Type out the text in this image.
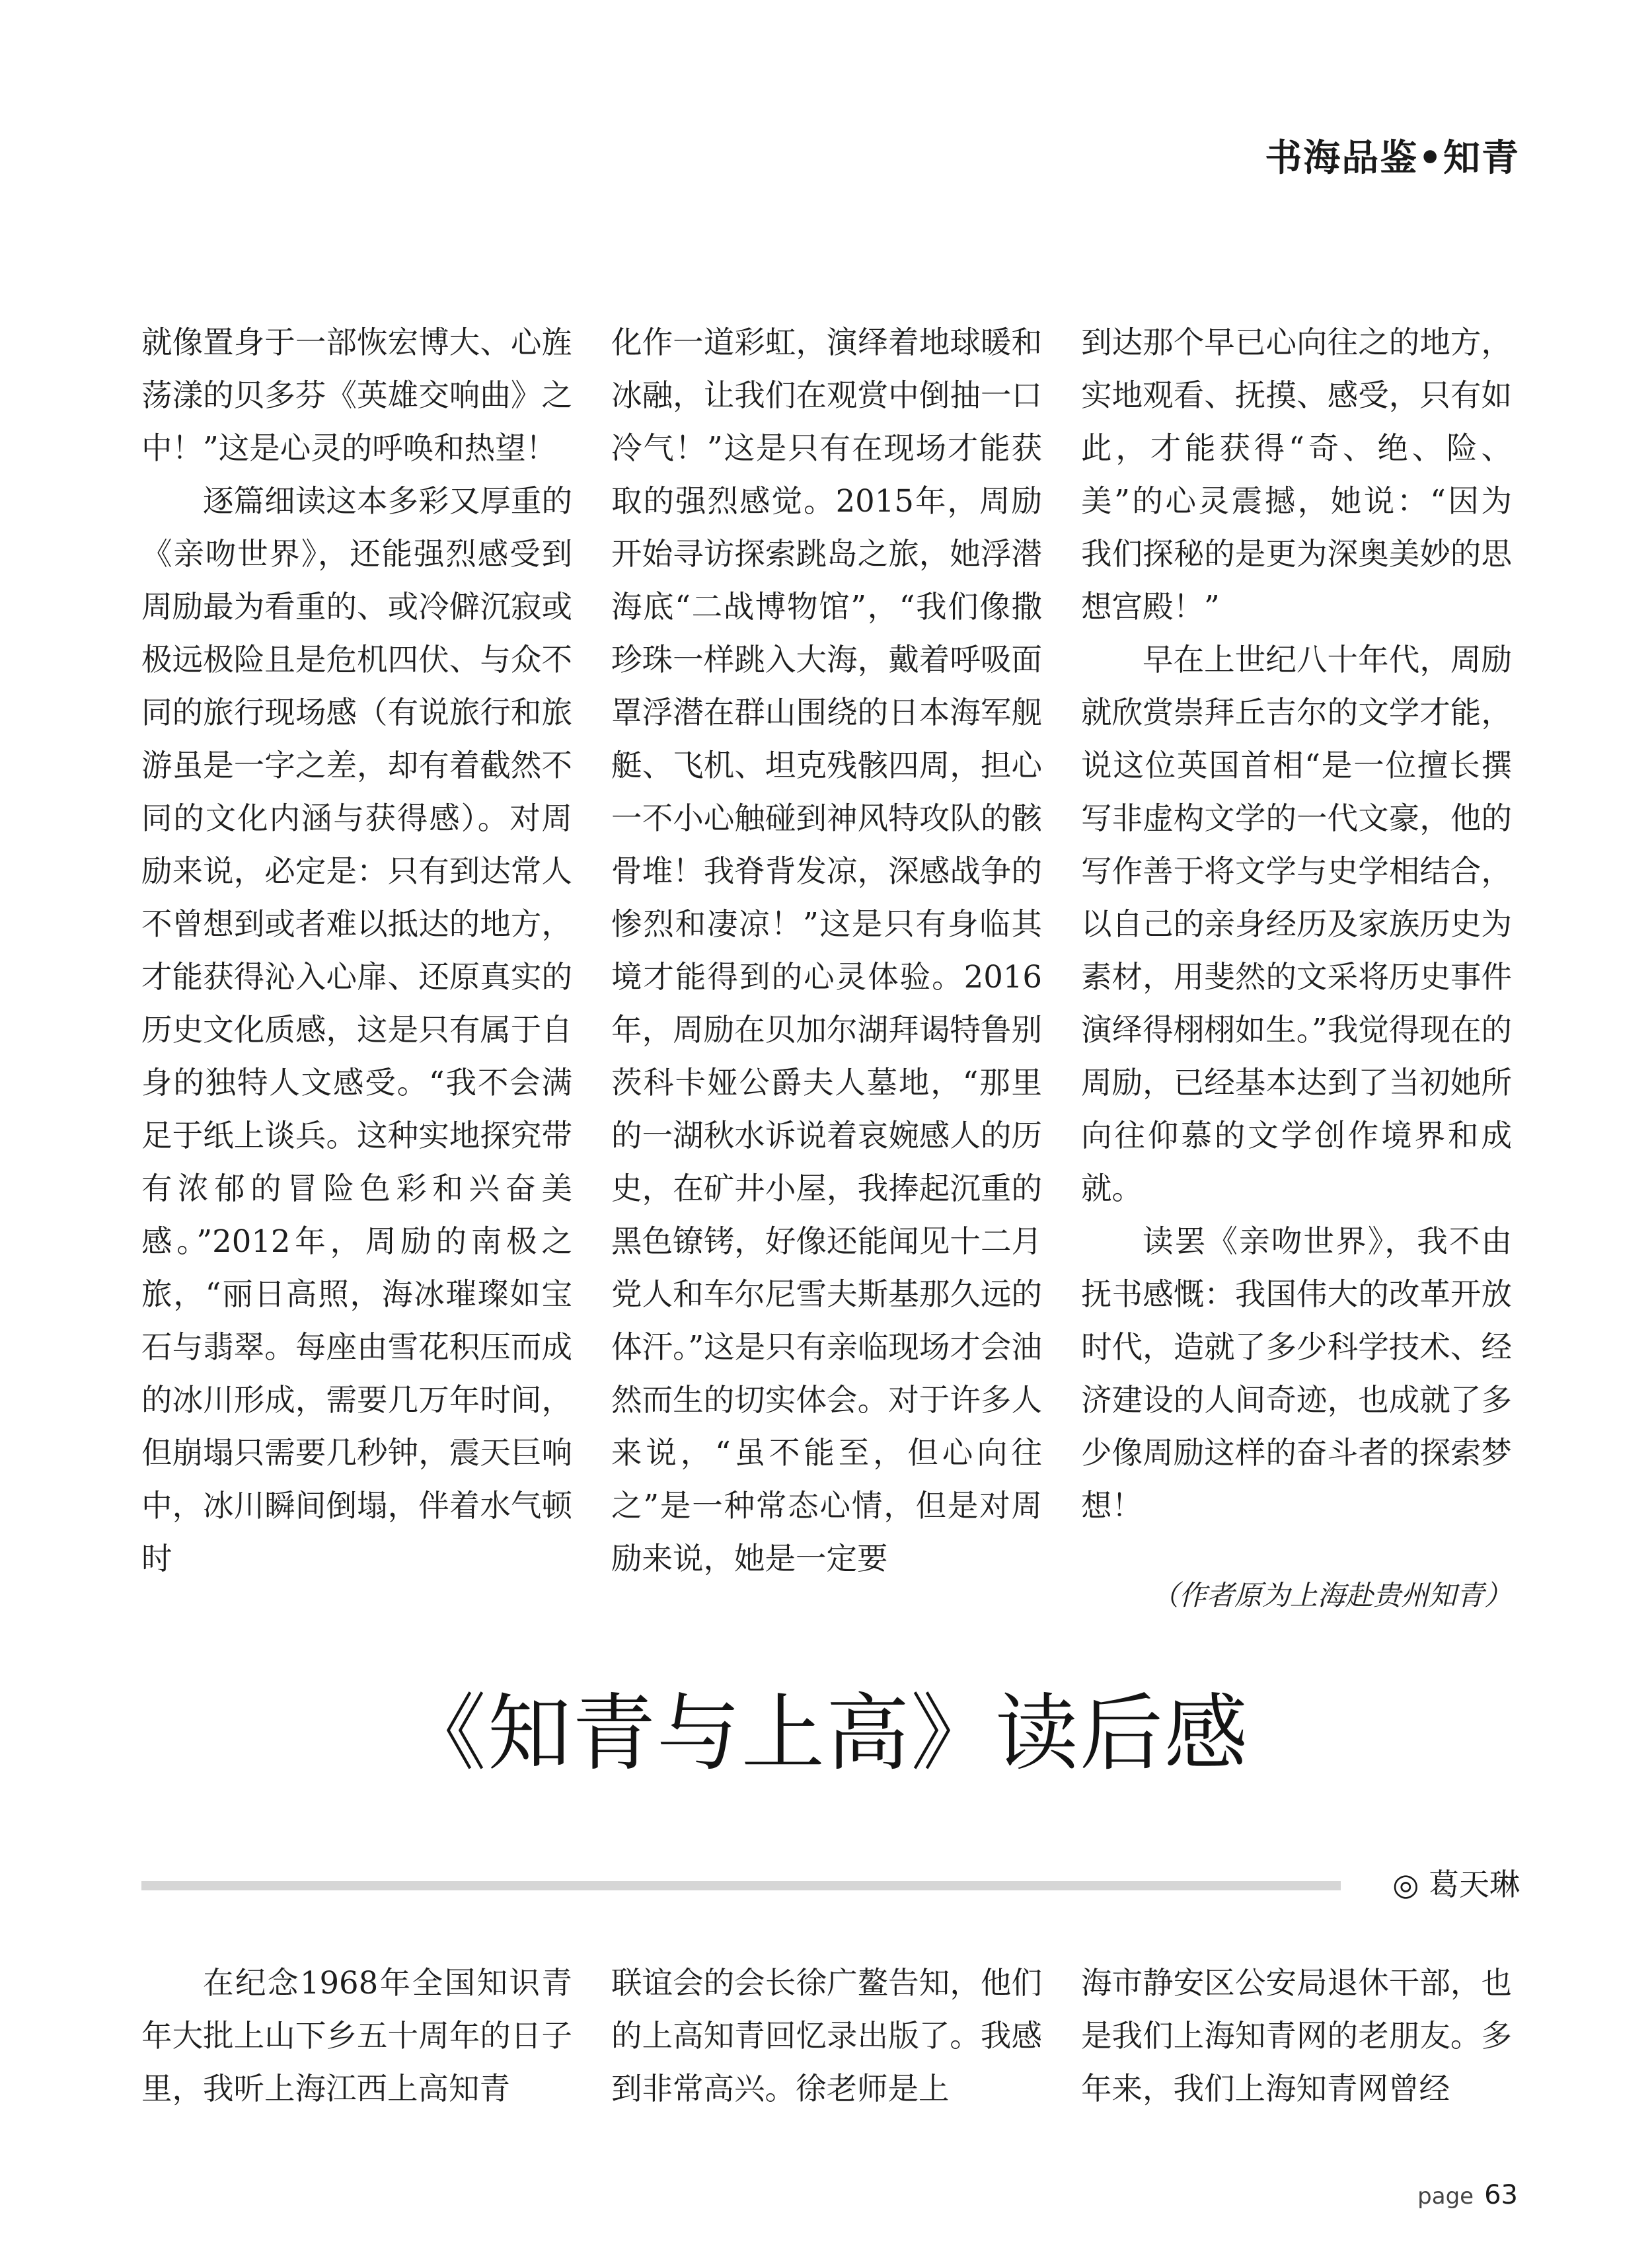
书海品鉴•知青

就像置身于一部恢宏博大、心旌荡漾的贝多芬《英雄交响曲》之中！”这是心灵的呼唤和热望！

逐篇细读这本多彩又厚重的《亲吻世界》，还能强烈感受到周励最为看重的、或冷僻沉寂或极远极险且是危机四伏、与众不同的旅行现场感（有说旅行和旅游虽是一字之差，却有着截然不同的文化内涵与获得感）。对周励来说，必定是：只有到达常人不曾想到或者难以抵达的地方，才能获得沁入心扉、还原真实的历史文化质感，这是只有属于自身的独特人文感受。“我不会满足于纸上谈兵。这种实地探究带有浓郁的冒险色彩和兴奋美感。”2012年，周励的南极之旅，“丽日高照，海冰璀璨如宝石与翡翠。每座由雪花积压而成的冰川形成，需要几万年时间，但崩塌只需要几秒钟，震天巨响中，冰川瞬间倒塌，伴着水气顿时

化作一道彩虹，演绎着地球暖和冰融，让我们在观赏中倒抽一口冷气！”这是只有在现场才能获取的强烈感觉。2015年，周励开始寻访探索跳岛之旅，她浮潜海底“二战博物馆”，“我们像撒珍珠一样跳入大海，戴着呼吸面罩浮潜在群山围绕的日本海军舰艇、飞机、坦克残骸四周，担心一不小心触碰到神风特攻队的骸骨堆！我脊背发凉，深感战争的惨烈和凄凉！”这是只有身临其境才能得到的心灵体验。2016年，周励在贝加尔湖拜谒特鲁别茨科卡娅公爵夫人墓地，“那里的一湖秋水诉说着哀婉感人的历史，在矿井小屋，我捧起沉重的黑色镣铐，好像还能闻见十二月党人和车尔尼雪夫斯基那久远的体汗。”这是只有亲临现场才会油然而生的切实体会。对于许多人来说，“虽不能至，但心向往之”是一种常态心情，但是对周励来说，她是一定要

到达那个早已心向往之的地方，实地观看、抚摸、感受，只有如此，才能获得“奇、绝、险、美”的心灵震撼，她说：“因为我们探秘的是更为深奥美妙的思想宫殿！”

早在上世纪八十年代，周励就欣赏崇拜丘吉尔的文学才能，说这位英国首相“是一位擅长撰写非虚构文学的一代文豪，他的写作善于将文学与史学相结合，以自己的亲身经历及家族历史为素材，用斐然的文采将历史事件演绎得栩栩如生。”我觉得现在的周励，已经基本达到了当初她所向往仰慕的文学创作境界和成就。

读罢《亲吻世界》，我不由抚书感慨：我国伟大的改革开放时代，造就了多少科学技术、经济建设的人间奇迹，也成就了多少像周励这样的奋斗者的探索梦想！

（作者原为上海赴贵州知青）

《知青与上高》读后感
◎ 葛天琳

在纪念1968年全国知识青年大批上山下乡五十周年的日子里，我听上海江西上高知青

联谊会的会长徐广鳌告知，他们的上高知青回忆录出版了。我感到非常高兴。徐老师是上

海市静安区公安局退休干部，也是我们上海知青网的老朋友。多年来，我们上海知青网曾经

page 63
